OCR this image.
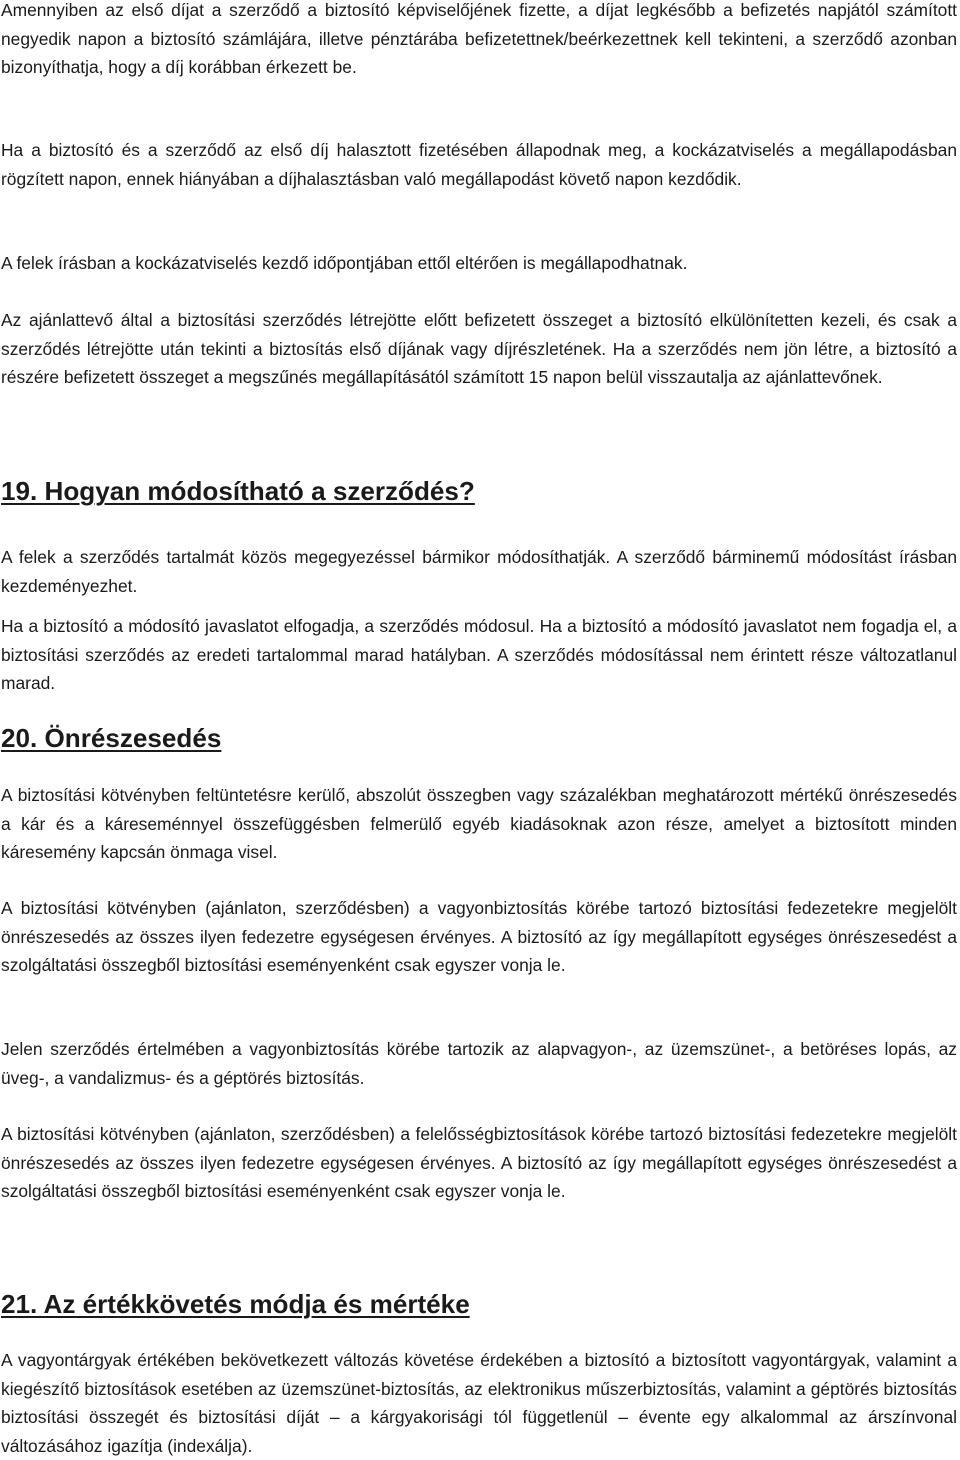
Amennyiben az első díjat a szerződő a biztosító képviselőjének fizette, a díjat legkésőbb a befizetés napjától számított negyedik napon a biztosító számlájára, illetve pénztárába befizetettnek/beérkezettnek kell tekinteni, a szerződő azonban bizonyíthatja, hogy a díj korábban érkezett be.

Ha a biztosító és a szerződő az első díj halasztott fizetésében állapodnak meg, a kockázatviselés a megállapodásban rögzített napon, ennek hiányában a díjhalasztásban való megállapodást követő napon kezdődik.

A felek írásban a kockázatviselés kezdő időpontjában ettől eltérően is megállapodhatnak.

Az ajánlattevő által a biztosítási szerződés létrejötte előtt befizetett összeget a biztosító elkülönítetten kezeli, és csak a szerződés létrejötte után tekinti a biztosítás első díjának vagy díjrészletének. Ha a szerződés nem jön létre, a biztosító a részére befizetett összeget a megszűnés megállapításától számított 15 napon belül visszautalja az ajánlattevőnek.

19. Hogyan módosítható a szerződés?

A felek a szerződés tartalmát közös megegyezéssel bármikor módosíthatják. A szerződő bárminemű módosítást írásban kezdeményezhet.

Ha a biztosító a módosító javaslatot elfogadja, a szerződés módosul. Ha a biztosító a módosító javaslatot nem fogadja el, a biztosítási szerződés az eredeti tartalommal marad hatályban. A szerződés módosítással nem érintett része változatlanul marad.

20. Önrészesedés

A biztosítási kötvényben feltüntetésre kerülő, abszolút összegben vagy százalékban meghatározott mértékű önrészesedés a kár és a káreseménnyel összefüggésben felmerülő egyéb kiadásoknak azon része, amelyet a biztosított minden káresemény kapcsán önmaga visel.

A biztosítási kötvényben (ajánlaton, szerződésben) a vagyonbiztosítás körébe tartozó biztosítási fedezetekre megjelölt önrészesedés az összes ilyen fedezetre egységesen érvényes. A biztosító az így megállapított egységes önrészesedést a szolgáltatási összegből biztosítási eseményenként csak egyszer vonja le.

Jelen szerződés értelmében a vagyonbiztosítás körébe tartozik az alapvagyon-, az üzemszünet-, a betöréses lopás, az üveg-, a vandalizmus- és a géptörés biztosítás.

A biztosítási kötvényben (ajánlaton, szerződésben) a felelősségbiztosítások körébe tartozó biztosítási fedezetekre megjelölt önrészesedés az összes ilyen fedezetre egységesen érvényes. A biztosító az így megállapított egységes önrészesedést a szolgáltatási összegből biztosítási eseményenként csak egyszer vonja le.

21. Az értékkövetés módja és mértéke

A vagyontárgyak értékében bekövetkezett változás követése érdekében a biztosító a biztosított vagyontárgyak, valamint a kiegészítő biztosítások esetében az üzemszünet-biztosítás, az elektronikus műszerbiztosítás, valamint a géptörés biztosítás biztosítási összegét és biztosítási díját – a kárgyakorisági tól függetlenül – évente egy alkalommal az árszínvonal változásához igazítja (indexálja).
